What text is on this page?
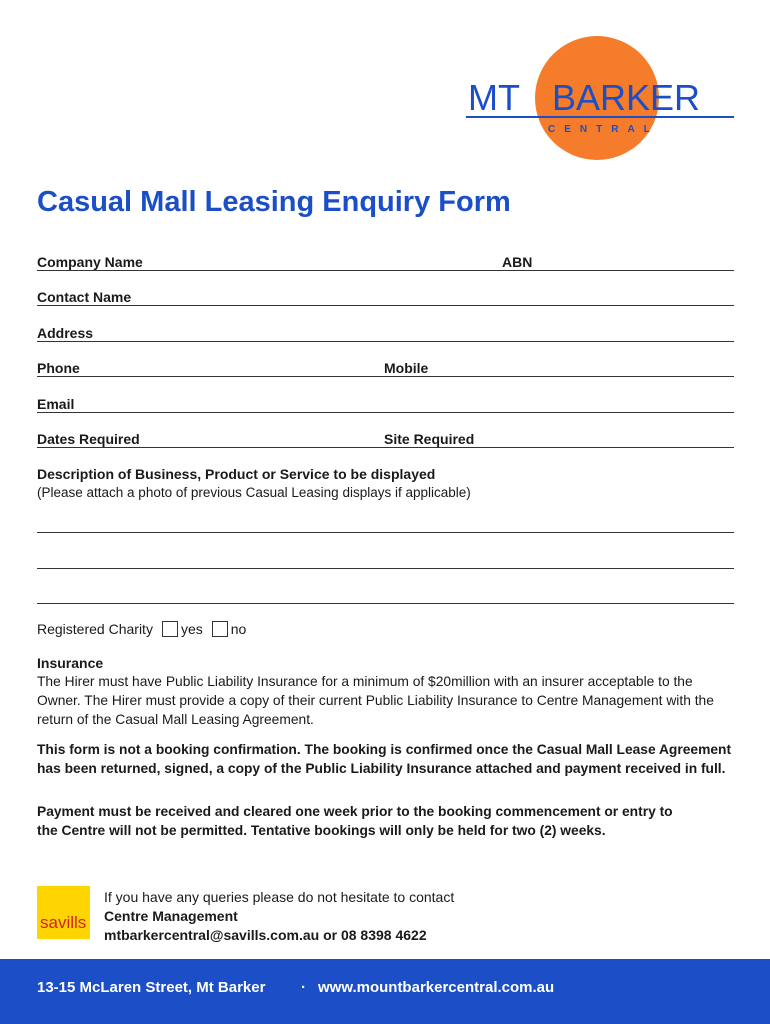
MT BARKER
CENTRAL
Casual Mall Leasing Enquiry Form
Company Name	ABN
Contact Name
Address
Phone	Mobile
Email
Dates Required	Site Required
Description of Business, Product or Service to be displayed
(Please attach a photo of previous Casual Leasing displays if applicable)
Registered Charity yes no
Insurance
The Hirer must have Public Liability Insurance for a minimum of $20million with an insurer acceptable to the Owner. The Hirer must provide a copy of their current Public Liability Insurance to Centre Management with the return of the Casual Mall Leasing Agreement.
This form is not a booking confirmation. The booking is confirmed once the Casual Mall Lease Agreement has been returned, signed, a copy of the Public Liability Insurance attached and payment received in full.
Payment must be received and cleared one week prior to the booking commencement or entry to the Centre will not be permitted. Tentative bookings will only be held for two (2) weeks.
savills
If you have any queries please do not hesitate to contact
Centre Management
mtbarkercentral@savills.com.au or 08 8398 4622
13-15 McLaren Street, Mt Barker · www.mountbarkercentral.com.au
